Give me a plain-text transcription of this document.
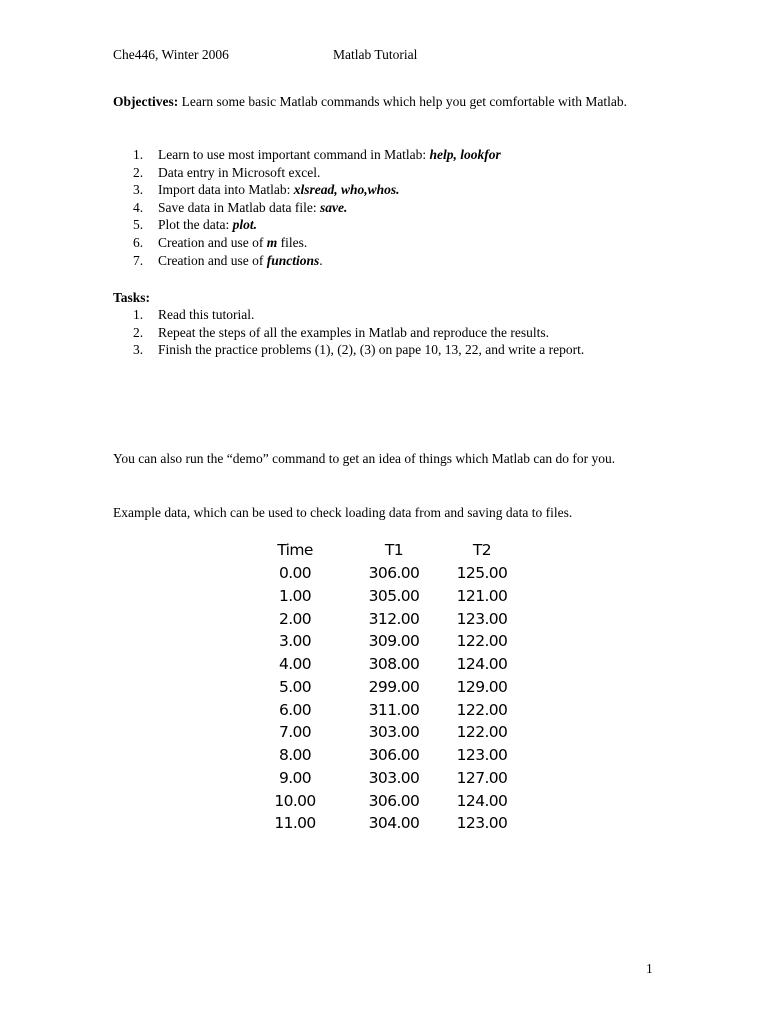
Che446, Winter 2006	Matlab Tutorial
Objectives: Learn some basic Matlab commands which help you get comfortable with Matlab.
1. Learn to use most important command in Matlab: help, lookfor
2. Data entry in Microsoft excel.
3. Import data into Matlab: xlsread, who,whos.
4. Save data in Matlab data file: save.
5. Plot the data: plot.
6. Creation and use of m files.
7. Creation and use of functions.
Tasks:
1. Read this tutorial.
2. Repeat the steps of all the examples in Matlab and reproduce the results.
3. Finish the practice problems (1), (2), (3) on pape 10, 13, 22, and write a report.
You can also run the “demo” command to get an idea of things which Matlab can do for you.
Example data, which can be used to check loading data from and saving data to files.
Time	T1	T2
0.00	306.00	125.00
1.00	305.00	121.00
2.00	312.00	123.00
3.00	309.00	122.00
4.00	308.00	124.00
5.00	299.00	129.00
6.00	311.00	122.00
7.00	303.00	122.00
8.00	306.00	123.00
9.00	303.00	127.00
10.00	306.00	124.00
11.00	304.00	123.00
1
